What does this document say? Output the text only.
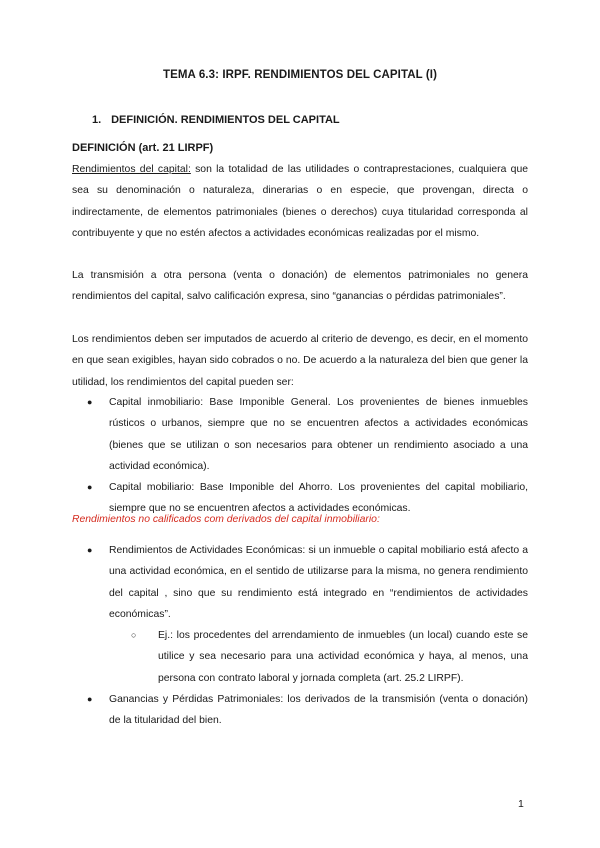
TEMA 6.3: IRPF. RENDIMIENTOS DEL CAPITAL (I)
1. DEFINICIÓN. RENDIMIENTOS DEL CAPITAL
DEFINICIÓN (art. 21 LIRPF)

Rendimientos del capital: son la totalidad de las utilidades o contraprestaciones, cualquiera que sea su denominación o naturaleza, dinerarias o en especie, que provengan, directa o indirectamente, de elementos patrimoniales (bienes o derechos) cuya titularidad corresponda al contribuyente y que no estén afectos a actividades económicas realizadas por el mismo.

La transmisión a otra persona (venta o donación) de elementos patrimoniales no genera rendimientos del capital, salvo calificación expresa, sino “ganancias o pérdidas patrimoniales”.

Los rendimientos deben ser imputados de acuerdo al criterio de devengo, es decir, en el momento en que sean exigibles, hayan sido cobrados o no. De acuerdo a la naturaleza del bien que gener la utilidad, los rendimientos del capital pueden ser:

● Capital inmobiliario: Base Imponible General. Los provenientes de bienes inmuebles rústicos o urbanos, siempre que no se encuentren afectos a actividades económicas (bienes que se utilizan o son necesarios para obtener un rendimiento asociado a una actividad económica).
● Capital mobiliario: Base Imponible del Ahorro. Los provenientes del capital mobiliario, siempre que no se encuentren afectos a actividades económicas.
Rendimientos no calificados com derivados del capital inmobiliario:
● Rendimientos de Actividades Económicas: si un inmueble o capital mobiliario está afecto a una actividad económica, en el sentido de utilizarse para la misma, no genera rendimiento del capital , sino que su rendimiento está integrado en “rendimientos de actividades económicas”.
○ Ej.: los procedentes del arrendamiento de inmuebles (un local) cuando este se utilice y sea necesario para una actividad económica y haya, al menos, una persona con contrato laboral y jornada completa (art. 25.2 LIRPF).
● Ganancias y Pérdidas Patrimoniales: los derivados de la transmisión (venta o donación) de la titularidad del bien.
1
